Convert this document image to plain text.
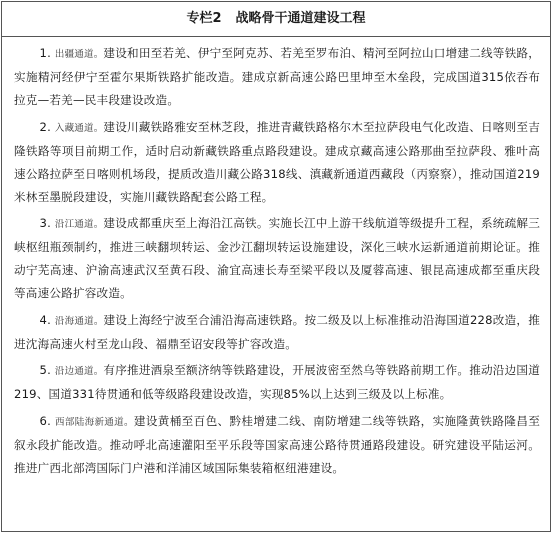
专栏2 战略骨干通道建设工程

1. 出疆通道。建设和田至若羌、伊宁至阿克苏、若羌至罗布泊、精河至阿拉山口增建二线等铁路，实施精河经伊宁至霍尔果斯铁路扩能改造。建成京新高速公路巴里坤至木垒段，完成国道315依吞布拉克—若羌—民丰段建设改造。

2. 入藏通道。建设川藏铁路雅安至林芝段，推进青藏铁路格尔木至拉萨段电气化改造、日喀则至吉隆铁路等项目前期工作，适时启动新藏铁路重点路段建设。建成京藏高速公路那曲至拉萨段、雅叶高速公路拉萨至日喀则机场段，提质改造川藏公路318线、滇藏新通道西藏段（丙察察），推动国道219米林至墨脱段建设，实施川藏铁路配套公路工程。

3. 沿江通道。建设成都重庆至上海沿江高铁。实施长江中上游干线航道等级提升工程，系统疏解三峡枢纽瓶颈制约，推进三峡翻坝转运、金沙江翻坝转运设施建设，深化三峡水运新通道前期论证。推动宁芜高速、沪渝高速武汉至黄石段、渝宜高速长寿至梁平段以及厦蓉高速、银昆高速成都至重庆段等高速公路扩容改造。

4. 沿海通道。建设上海经宁波至合浦沿海高速铁路。按二级及以上标准推动沿海国道228改造，推进沈海高速火村至龙山段、福鼎至诏安段等扩容改造。

5. 沿边通道。有序推进酒泉至额济纳等铁路建设，开展波密至然乌等铁路前期工作。推动沿边国道219、国道331待贯通和低等级路段建设改造，实现85%以上达到三级及以上标准。

6. 西部陆海新通道。建设黄桶至百色、黔桂增建二线、南防增建二线等铁路，实施隆黄铁路隆昌至叙永段扩能改造。推动呼北高速灌阳至平乐段等国家高速公路待贯通路段建设。研究建设平陆运河。推进广西北部湾国际门户港和洋浦区域国际集装箱枢纽港建设。
